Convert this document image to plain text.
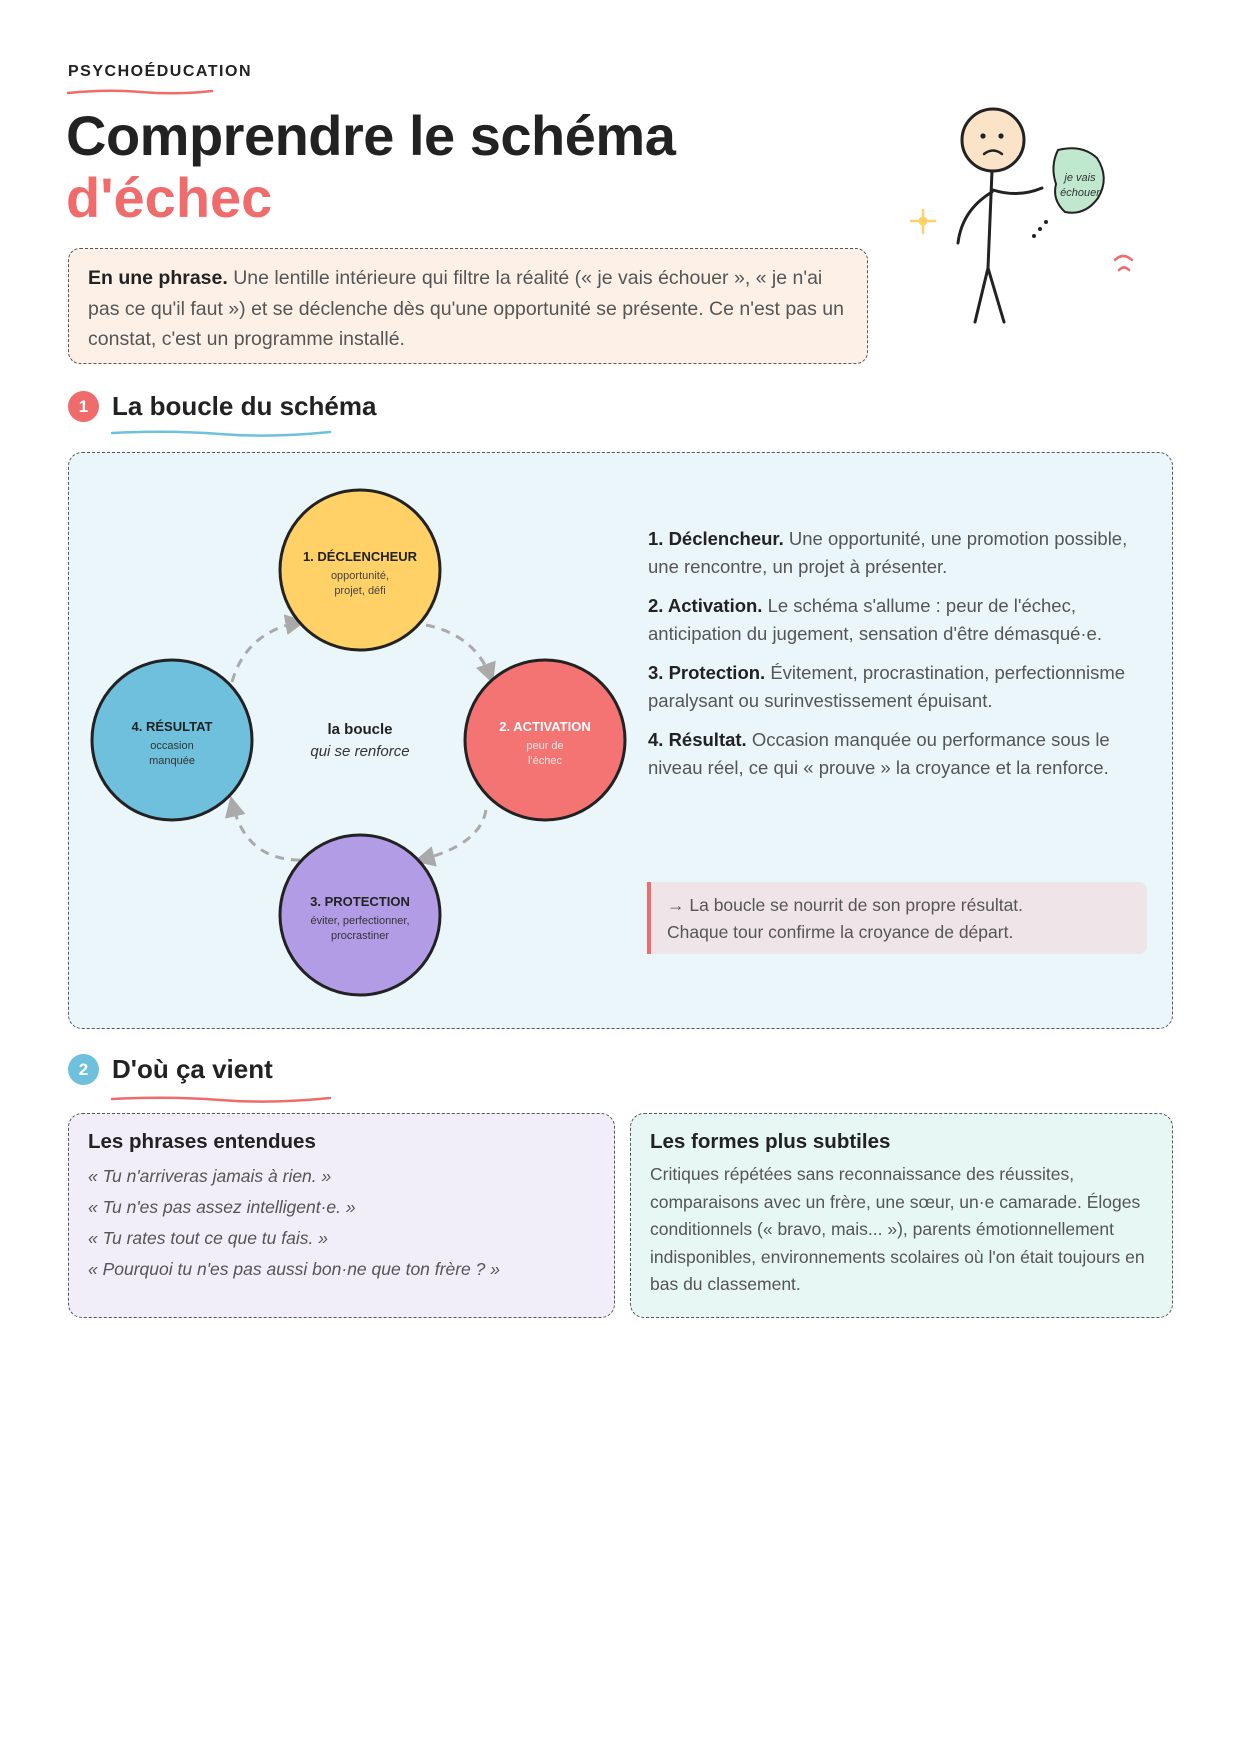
PSYCHOÉDUCATION
Comprendre le schéma
d'échec	je vais
échouer
En une phrase. Une lentille intérieure qui filtre la réalité (« je vais échouer », « je n'ai pas ce qu'il faut ») et se déclenche dès qu'une opportunité se présente. Ce n'est pas un constat, c'est un programme installé.
1 La boucle du schéma
1. DÉCLENCHEUR
opportunité,
projet, défi
2. ACTIVATION
peur de
l'échec
3. PROTECTION
éviter, perfectionner,
procrastiner
4. RÉSULTAT
occasion
manquée
la boucle
qui se renforce

1. Déclencheur. Une opportunité, une promotion possible, une rencontre, un projet à présenter.

2. Activation. Le schéma s'allume : peur de l'échec, anticipation du jugement, sensation d'être démasqué·e.

3. Protection. Évitement, procrastination, perfectionnisme paralysant ou surinvestissement épuisant.

4. Résultat. Occasion manquée ou performance sous le niveau réel, ce qui « prouve » la croyance et la renforce.

→ La boucle se nourrit de son propre résultat.
Chaque tour confirme la croyance de départ.
2 D'où ça vient
Les phrases entendues
« Tu n'arriveras jamais à rien. »
« Tu n'es pas assez intelligent·e. »
« Tu rates tout ce que tu fais. »
« Pourquoi tu n'es pas aussi bon·ne que ton frère ? »
Les formes plus subtiles
Critiques répétées sans reconnaissance des réussites, comparaisons avec un frère, une sœur, un·e camarade. Éloges conditionnels (« bravo, mais... »), parents émotionnellement indisponibles, environnements scolaires où l'on était toujours en bas du classement.
